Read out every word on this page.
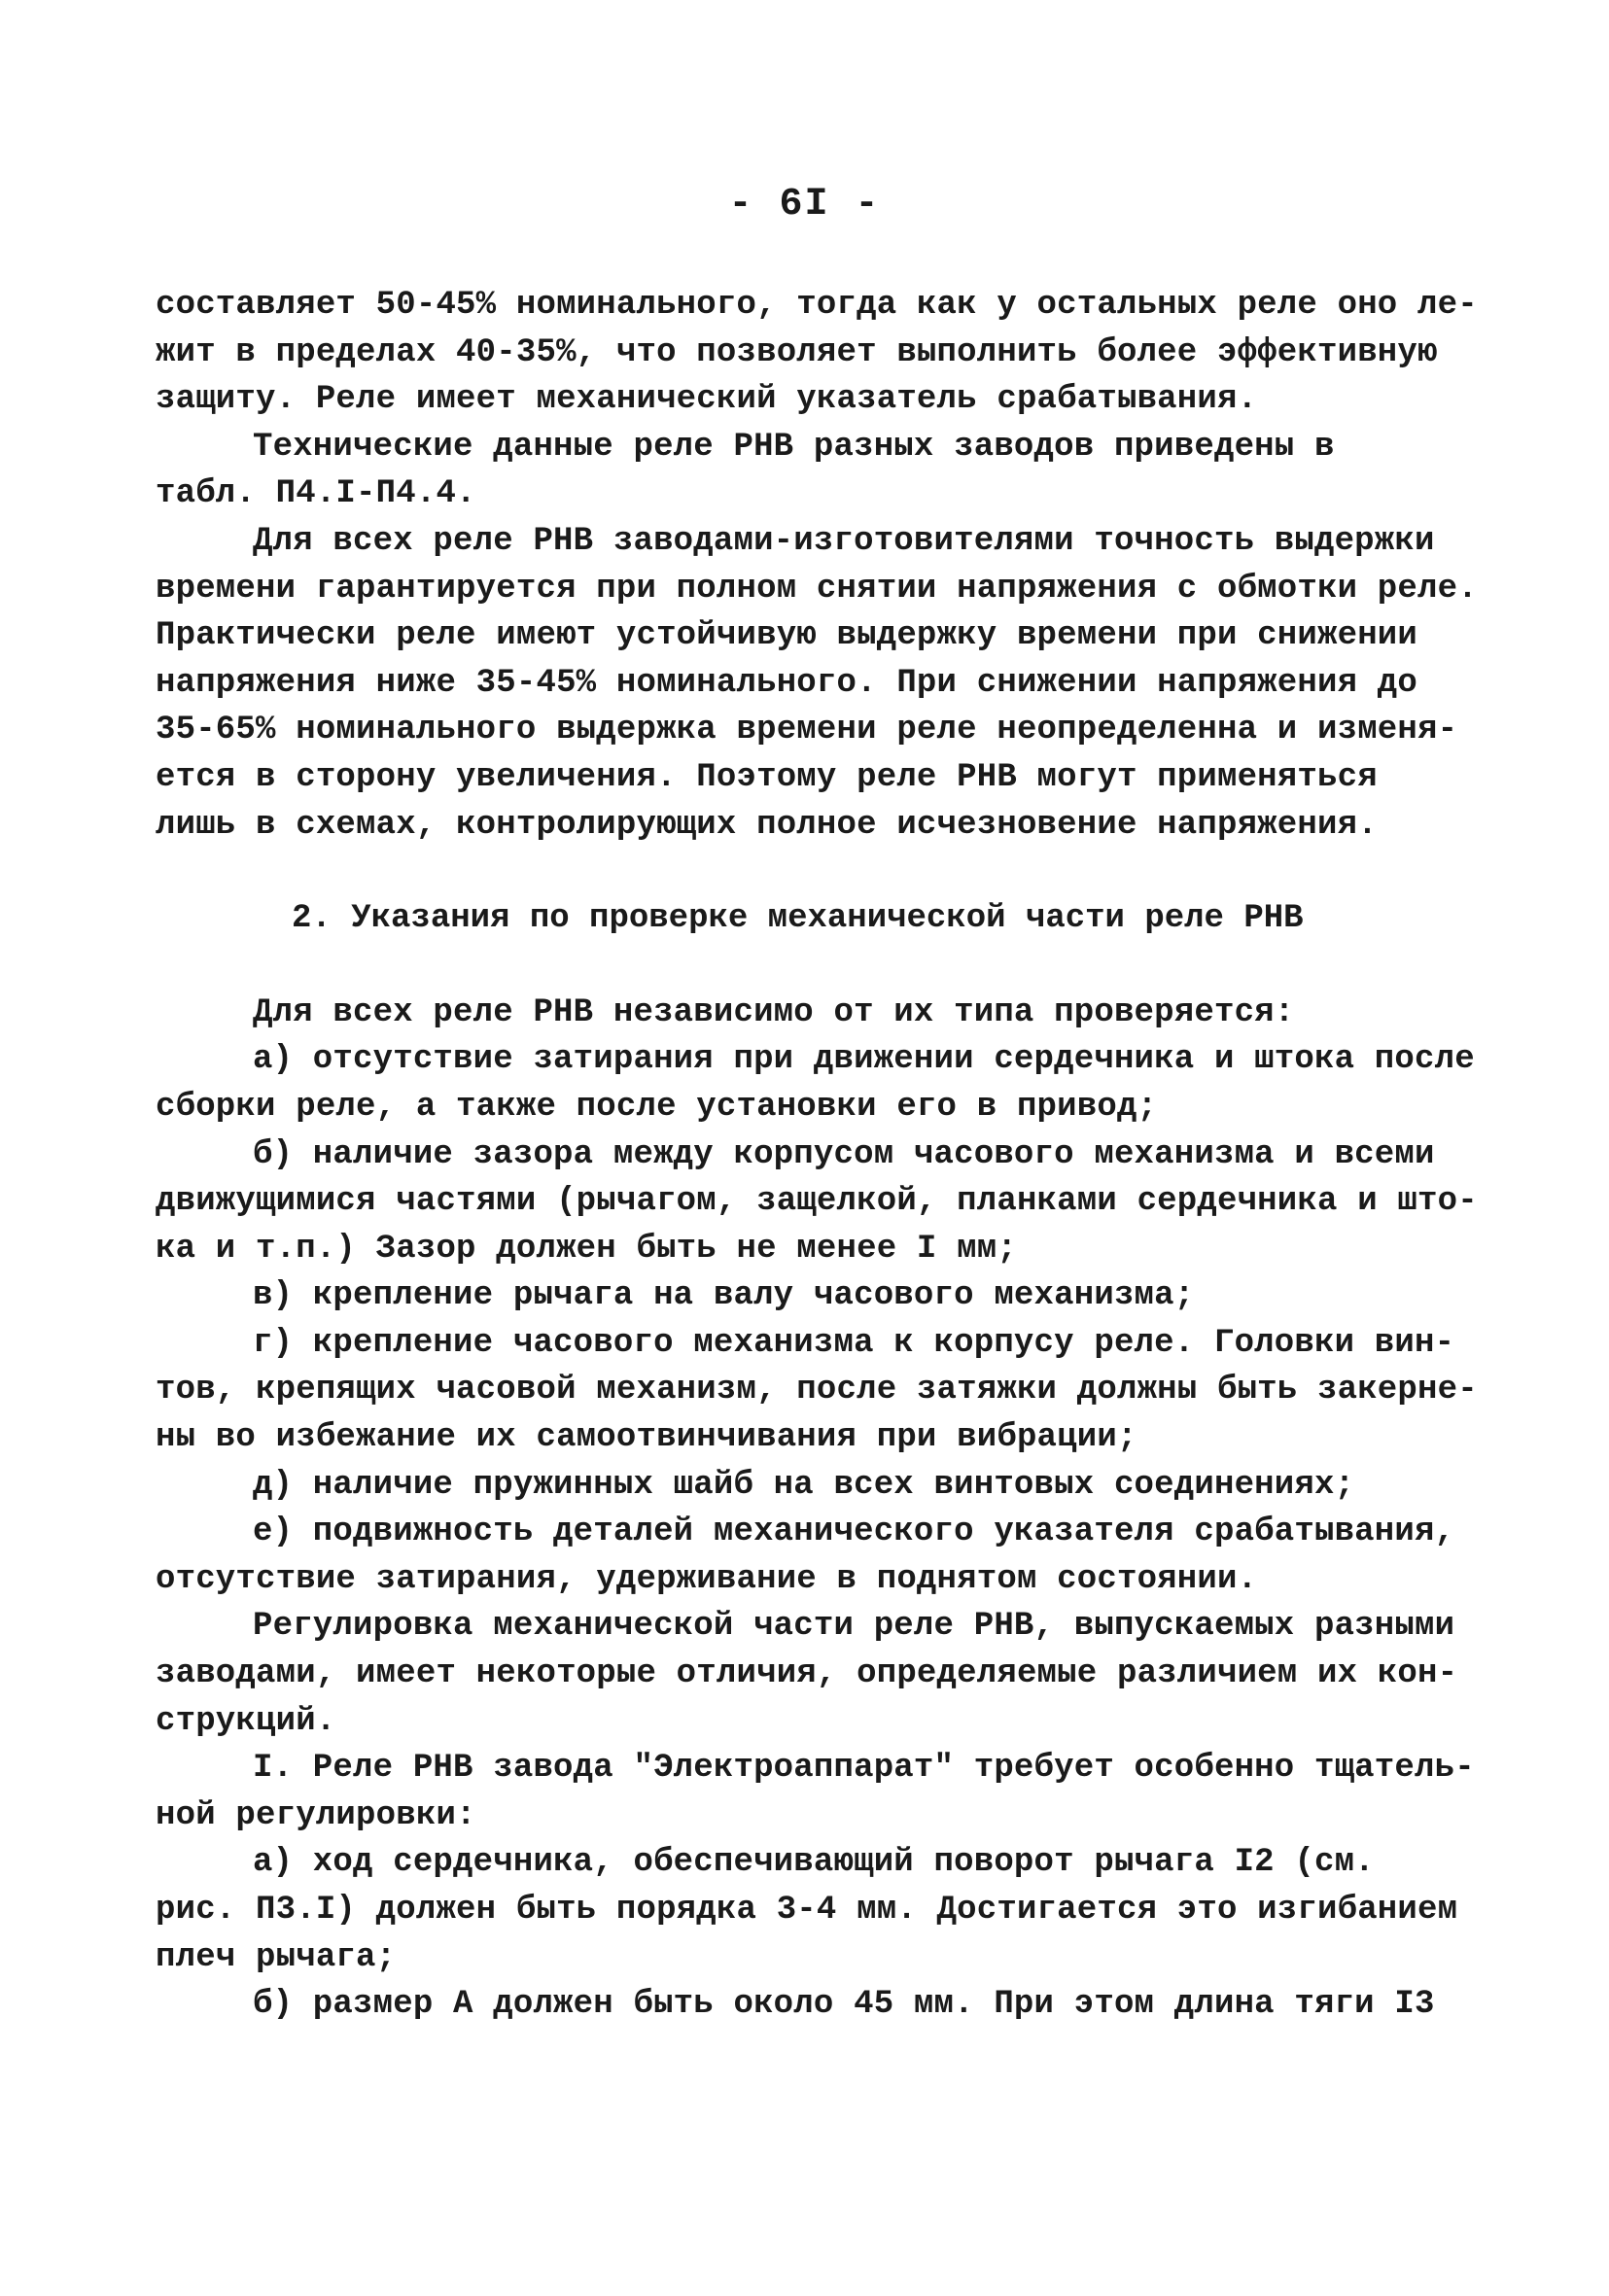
- 6I -
составляет 50-45% номинального, тогда как у остальных реле оно ле-
жит в пределах 40-35%, что позволяет выполнить более эффективную
защиту. Реле имеет механический указатель срабатывания.
Технические данные реле РНВ разных заводов приведены в
табл. П4.I-П4.4.
Для всех реле РНВ заводами-изготовителями точность выдержки
времени гарантируется при полном снятии напряжения с обмотки реле.
Практически реле имеют устойчивую выдержку времени при снижении
напряжения ниже 35-45% номинального. При снижении напряжения до
35-65% номинального выдержка времени реле неопределенна и изменя-
ется в сторону увеличения. Поэтому реле РНВ могут применяться
лишь в схемах, контролирующих полное исчезновение напряжения.
2. Указания по проверке механической части реле РНВ
Для всех реле РНВ независимо от их типа проверяется:
а) отсутствие затирания при движении сердечника и штока после
сборки реле, а также после установки его в привод;
б) наличие зазора между корпусом часового механизма и всеми
движущимися частями (рычагом, защелкой, планками сердечника и што-
ка и т.п.) Зазор должен быть не менее I мм;
в) крепление рычага на валу часового механизма;
г) крепление часового механизма к корпусу реле. Головки вин-
тов, крепящих часовой механизм, после затяжки должны быть закерне-
ны во избежание их самоотвинчивания при вибрации;
д) наличие пружинных шайб на всех винтовых соединениях;
е) подвижность деталей механического указателя срабатывания,
отсутствие затирания, удерживание в поднятом состоянии.
Регулировка механической части реле РНВ, выпускаемых разными
заводами, имеет некоторые отличия, определяемые различием их кон-
струкций.
I. Реле РНВ завода "Электроаппарат" требует особенно тщатель-
ной регулировки:
а) ход сердечника, обеспечивающий поворот рычага I2 (см.
рис. П3.I) должен быть порядка 3-4 мм. Достигается это изгибанием
плеч рычага;
б) размер А должен быть около 45 мм. При этом длина тяги I3
